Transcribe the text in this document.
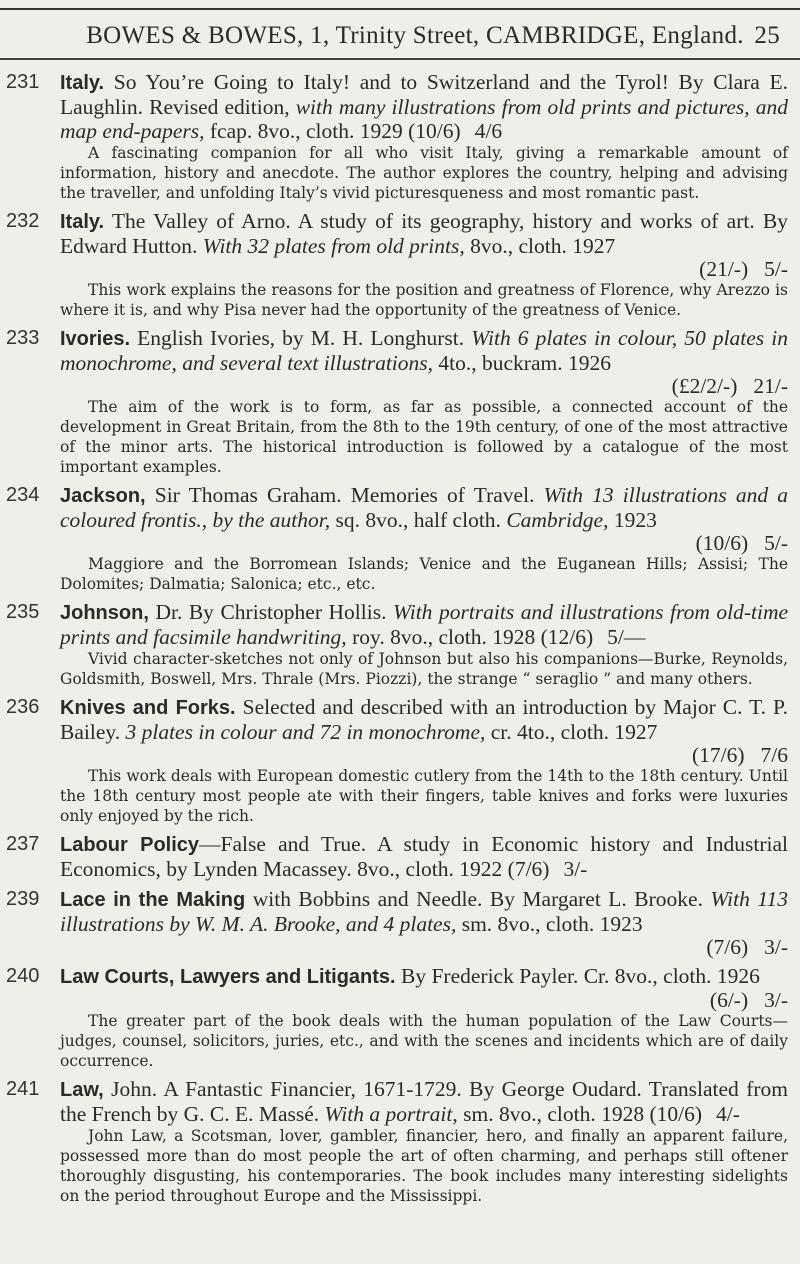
BOWES & BOWES, 1, Trinity Street, CAMBRIDGE, England. 25
231	Italy. So You’re Going to Italy! and to Switzerland and the Tyrol! By Clara E. Laughlin. Revised edition, with many illustrations from old prints and pictures, and map end-papers, fcap. 8vo., cloth. 1929 (10/6) 4/6
A fascinating companion for all who visit Italy, giving a remarkable amount of information, history and anecdote. The author explores the country, helping and advising the traveller, and unfolding Italy’s vivid picturesqueness and most romantic past.
232	Italy. The Valley of Arno. A study of its geography, history and works of art. By Edward Hutton. With 32 plates from old prints, 8vo., cloth. 1927
(21/-) 5/-
This work explains the reasons for the position and greatness of Florence, why Arezzo is where it is, and why Pisa never had the opportunity of the greatness of Venice.
233	Ivories. English Ivories, by M. H. Longhurst. With 6 plates in colour, 50 plates in monochrome, and several text illustrations, 4to., buckram. 1926
(£2/2/-) 21/-
The aim of the work is to form, as far as possible, a connected account of the development in Great Britain, from the 8th to the 19th century, of one of the most attractive of the minor arts. The historical introduction is followed by a catalogue of the most important examples.
234	Jackson, Sir Thomas Graham. Memories of Travel. With 13 illustrations and a coloured frontis., by the author, sq. 8vo., half cloth. Cambridge, 1923
(10/6) 5/-
Maggiore and the Borromean Islands; Venice and the Euganean Hills; Assisi; The Dolomites; Dalmatia; Salonica; etc., etc.
235	Johnson, Dr. By Christopher Hollis. With portraits and illustrations from old-time prints and facsimile handwriting, roy. 8vo., cloth. 1928 (12/6) 5/—
Vivid character-sketches not only of Johnson but also his companions—Burke, Reynolds, Goldsmith, Boswell, Mrs. Thrale (Mrs. Piozzi), the strange “ seraglio ” and many others.
236	Knives and Forks. Selected and described with an introduction by Major C. T. P. Bailey. 3 plates in colour and 72 in monochrome, cr. 4to., cloth. 1927
(17/6) 7/6
This work deals with European domestic cutlery from the 14th to the 18th century. Until the 18th century most people ate with their fingers, table knives and forks were luxuries only enjoyed by the rich.
237	Labour Policy—False and True. A study in Economic history and Industrial Economics, by Lynden Macassey. 8vo., cloth. 1922 (7/6) 3/-
239	Lace in the Making with Bobbins and Needle. By Margaret L. Brooke. With 113 illustrations by W. M. A. Brooke, and 4 plates, sm. 8vo., cloth. 1923
(7/6) 3/-
240	Law Courts, Lawyers and Litigants. By Frederick Payler. Cr. 8vo., cloth. 1926
(6/-) 3/-
The greater part of the book deals with the human population of the Law Courts—judges, counsel, solicitors, juries, etc., and with the scenes and incidents which are of daily occurrence.
241	Law, John. A Fantastic Financier, 1671-1729. By George Oudard. Translated from the French by G. C. E. Massé. With a portrait, sm. 8vo., cloth. 1928 (10/6) 4/-
John Law, a Scotsman, lover, gambler, financier, hero, and finally an apparent failure, possessed more than do most people the art of often charming, and perhaps still oftener thoroughly disgusting, his contemporaries. The book includes many interesting sidelights on the period throughout Europe and the Mississippi.
